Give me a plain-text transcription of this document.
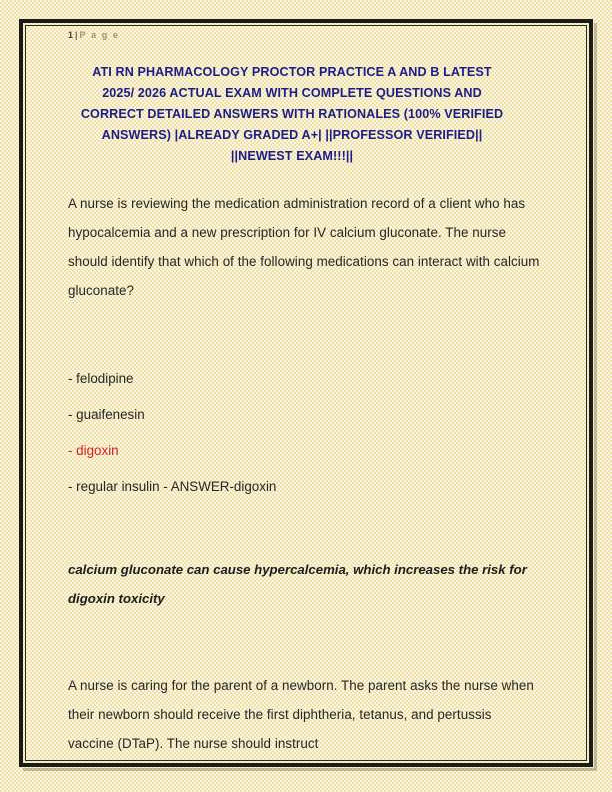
1 | P a g e
ATI RN PHARMACOLOGY PROCTOR PRACTICE A AND B LATEST
2025/ 2026 ACTUAL EXAM WITH COMPLETE QUESTIONS AND
CORRECT DETAILED ANSWERS WITH RATIONALES (100% VERIFIED
ANSWERS) |ALREADY GRADED A+| ||PROFESSOR VERIFIED||
||NEWEST EXAM!!!||

A nurse is reviewing the medication administration record of a client who has hypocalcemia and a new prescription for IV calcium gluconate. The nurse should identify that which of the following medications can interact with calcium gluconate?

- felodipine
- guaifenesin
- digoxin
- regular insulin - ANSWER-digoxin

calcium gluconate can cause hypercalcemia, which increases the risk for digoxin toxicity

A nurse is caring for the parent of a newborn. The parent asks the nurse when their newborn should receive the first diphtheria, tetanus, and pertussis vaccine (DTaP). The nurse should instruct
